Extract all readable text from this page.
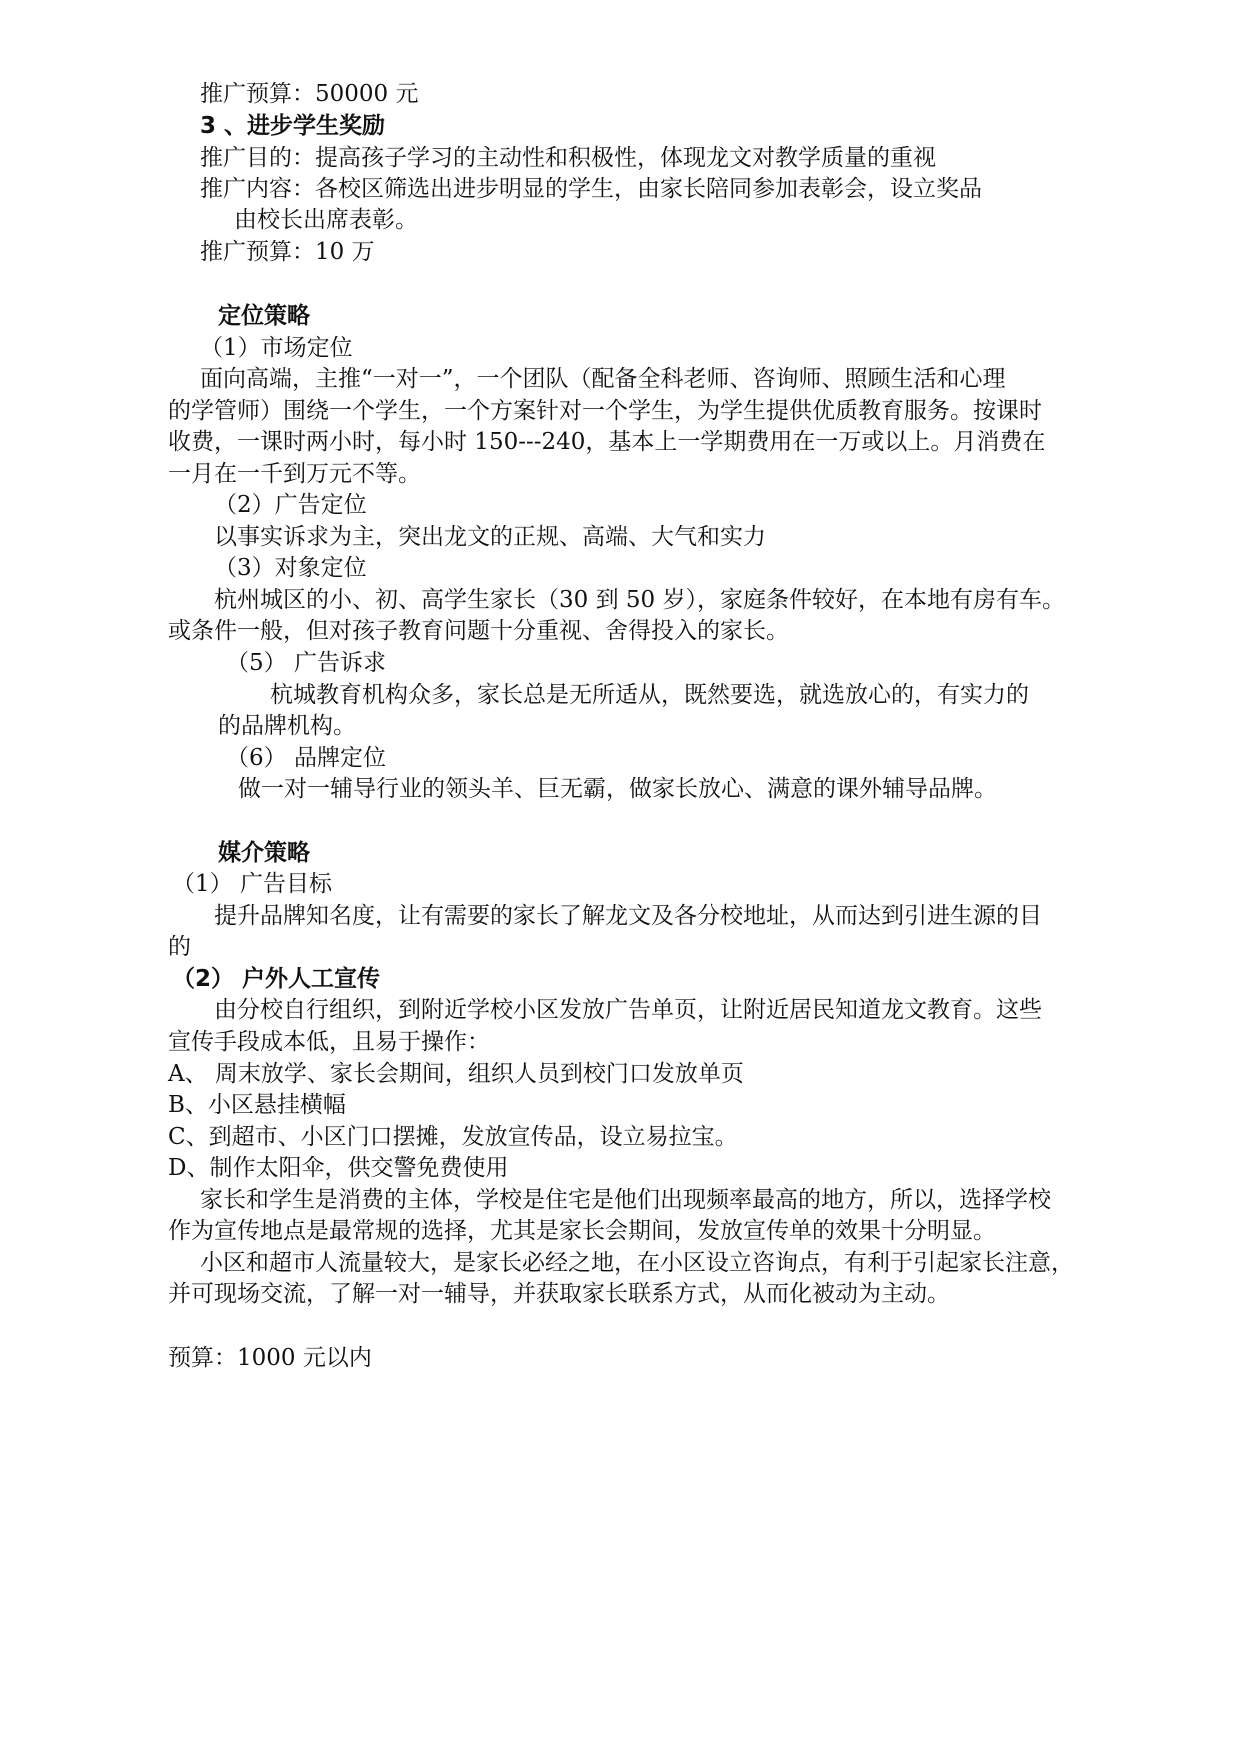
推广预算：50000 元

3 、进步学生奖励

推广目的：提高孩子学习的主动性和积极性，体现龙文对教学质量的重视

推广内容：各校区筛选出进步明显的学生，由家长陪同参加表彰会，设立奖品

由校长出席表彰。

推广预算：10 万

定位策略

（1）市场定位

面向高端，主推“一对一”，一个团队（配备全科老师、咨询师、照顾生活和心理

的学管师）围绕一个学生，一个方案针对一个学生，为学生提供优质教育服务。按课时

收费，一课时两小时，每小时 150---240，基本上一学期费用在一万或以上。月消费在

一月在一千到万元不等。

（2）广告定位

以事实诉求为主，突出龙文的正规、高端、大气和实力

（3）对象定位

杭州城区的小、初、高学生家长（30 到 50 岁），家庭条件较好，在本地有房有车。

或条件一般，但对孩子教育问题十分重视、舍得投入的家长。

（5） 广告诉求

杭城教育机构众多，家长总是无所适从，既然要选，就选放心的，有实力的

的品牌机构。

（6） 品牌定位

做一对一辅导行业的领头羊、巨无霸，做家长放心、满意的课外辅导品牌。

媒介策略

（1） 广告目标

提升品牌知名度，让有需要的家长了解龙文及各分校地址，从而达到引进生源的目

的

（2） 户外人工宣传

由分校自行组织，到附近学校小区发放广告单页，让附近居民知道龙文教育。这些

宣传手段成本低，且易于操作：

A、 周末放学、家长会期间，组织人员到校门口发放单页

B、小区悬挂横幅

C、到超市、小区门口摆摊，发放宣传品，设立易拉宝。

D、制作太阳伞，供交警免费使用

家长和学生是消费的主体，学校是住宅是他们出现频率最高的地方，所以，选择学校

作为宣传地点是最常规的选择，尤其是家长会期间，发放宣传单的效果十分明显。

小区和超市人流量较大，是家长必经之地，在小区设立咨询点，有利于引起家长注意，

并可现场交流，了解一对一辅导，并获取家长联系方式，从而化被动为主动。

预算：1000 元以内
